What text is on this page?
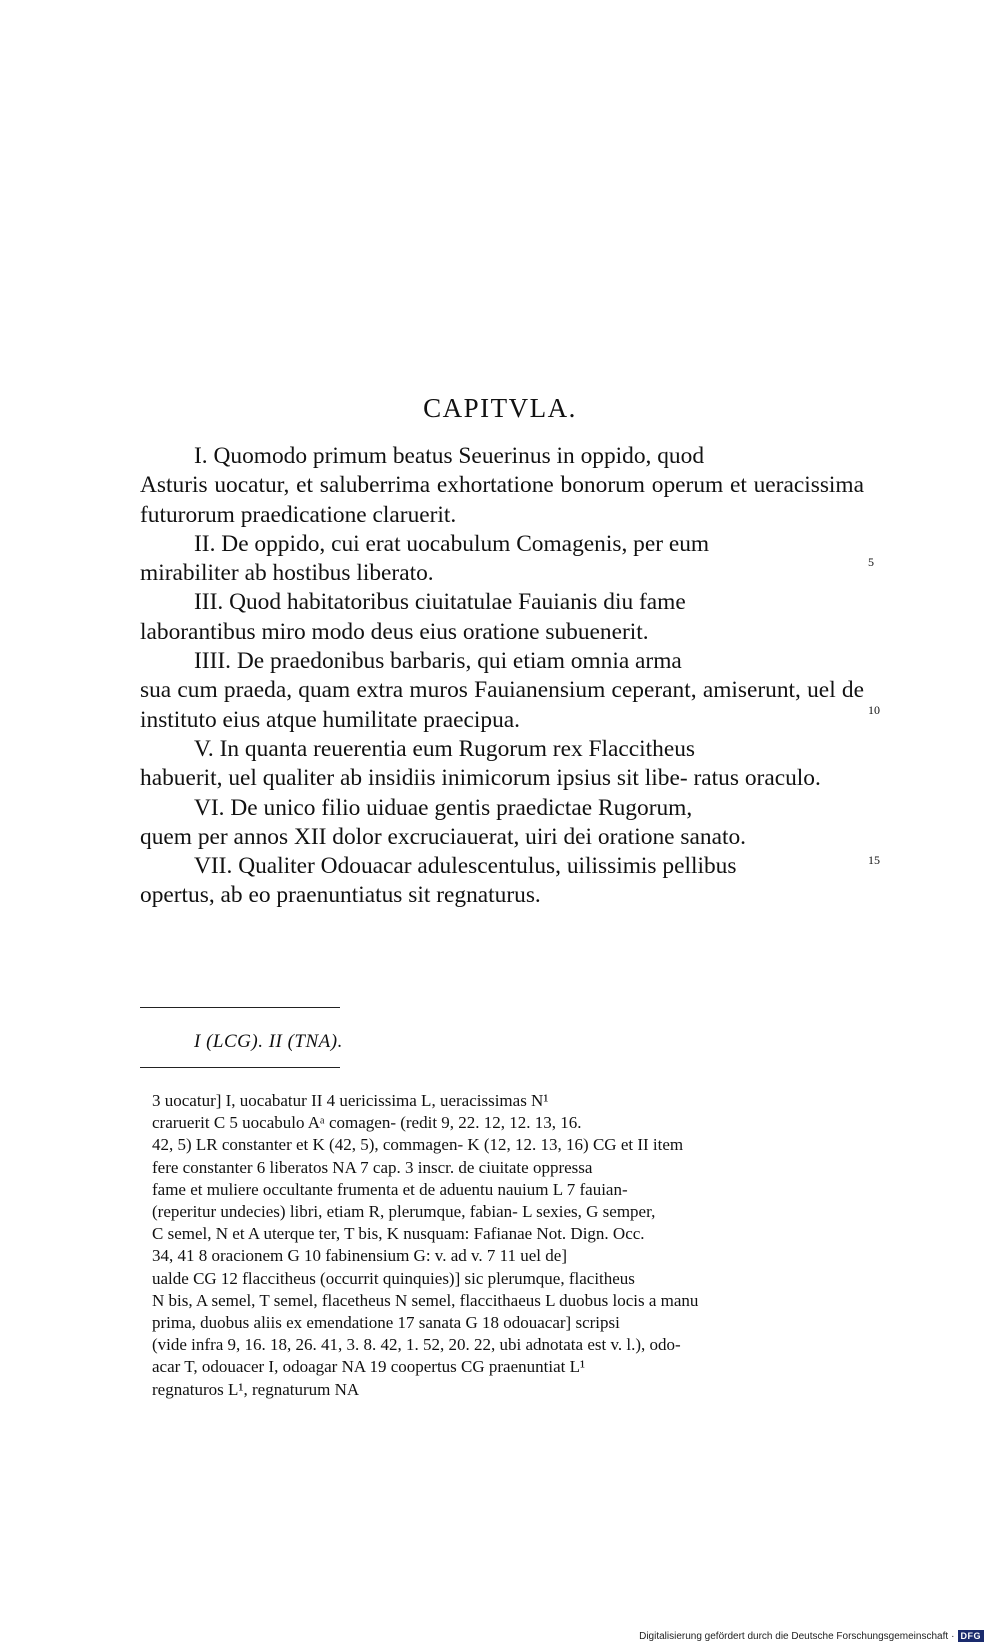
CAPITVLA.

I. Quomodo primum beatus Seuerinus in oppido, quod
Asturis uocatur, et saluberrima exhortatione bonorum operum et ueracissima futurorum praedicatione claruerit.

II. De oppido, cui erat uocabulum Comagenis, per eum
mirabiliter ab hostibus liberato.

III. Quod habitatoribus ciuitatulae Fauianis diu fame
laborantibus miro modo deus eius oratione subuenerit.

IIII. De praedonibus barbaris, qui etiam omnia arma
sua cum praeda, quam extra muros Fauianensium ceperant, amiserunt, uel de instituto eius atque humilitate praecipua.

V. In quanta reuerentia eum Rugorum rex Flaccitheus
habuerit, uel qualiter ab insidiis inimicorum ipsius sit libe- ratus oraculo.

VI. De unico filio uiduae gentis praedictae Rugorum,
quem per annos XII dolor excruciauerat, uiri dei oratione sanato.

VII. Qualiter Odouacar adulescentulus, uilissimis pellibus
opertus, ab eo praenuntiatus sit regnaturus.

5
10
15
I (LCG). II (TNA).
3 uocatur] I, uocabatur II 4 uericissima L, ueracissimas N¹
craruerit C 5 uocabulo Aᵃ comagen- (redit 9, 22. 12, 12. 13, 16.
42, 5) LR constanter et K (42, 5), commagen- K (12, 12. 13, 16) CG et II item
fere constanter 6 liberatos NA 7 cap. 3 inscr. de ciuitate oppressa
fame et muliere occultante frumenta et de aduentu nauium L 7 fauian-
(reperitur undecies) libri, etiam R, plerumque, fabian- L sexies, G semper,
C semel, N et A uterque ter, T bis, K nusquam: Fafianae Not. Dign. Occ.
34, 41 8 oracionem G 10 fabinensium G: v. ad v. 7 11 uel de]
ualde CG 12 flaccitheus (occurrit quinquies)] sic plerumque, flacitheus
N bis, A semel, T semel, flacetheus N semel, flaccithaeus L duobus locis a manu
prima, duobus aliis ex emendatione 17 sanata G 18 odouacar] scripsi
(vide infra 9, 16. 18, 26. 41, 3. 8. 42, 1. 52, 20. 22, ubi adnotata est v. l.), odo-
acar T, odouacer I, odoagar NA 19 coopertus CG praenuntiat L¹
regnaturos L¹, regnaturum NA
Digitalisierung gefördert durch die Deutsche Forschungsgemeinschaft · DFG
